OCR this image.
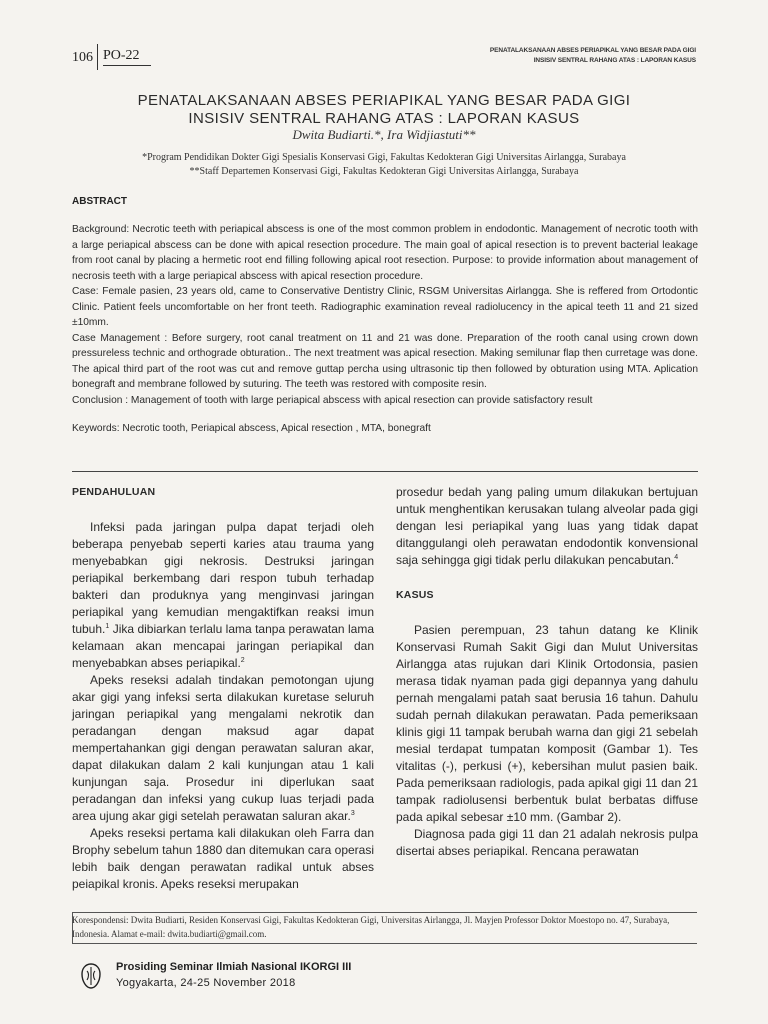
106 PO-22	PENATALAKSANAAN ABSES PERIAPIKAL YANG BESAR PADA GIGI
INSISIV SENTRAL RAHANG ATAS : LAPORAN KASUS
PENATALAKSANAAN ABSES PERIAPIKAL YANG BESAR PADA GIGI
INSISIV SENTRAL RAHANG ATAS : LAPORAN KASUS
Dwita Budiarti.*, Ira Widjiastuti**
*Program Pendidikan Dokter Gigi Spesialis Konservasi Gigi, Fakultas Kedokteran Gigi Universitas Airlangga, Surabaya
**Staff Departemen Konservasi Gigi, Fakultas Kedokteran Gigi Universitas Airlangga, Surabaya
ABSTRACT

Background: Necrotic teeth with periapical abscess is one of the most common problem in endodontic. Management of necrotic tooth with a large periapical abscess can be done with apical resection procedure. The main goal of apical resection is to prevent bacterial leakage from root canal by placing a hermetic root end filling following apical root resection. Purpose: to provide information about management of necrosis teeth with a large periapical abscess with apical resection procedure.

Case: Female pasien, 23 years old, came to Conservative Dentistry Clinic, RSGM Universitas Airlangga. She is reffered from Ortodontic Clinic. Patient feels uncomfortable on her front teeth. Radiographic examination reveal radiolucency in the apical teeth 11 and 21 sized ±10mm.

Case Management : Before surgery, root canal treatment on 11 and 21 was done. Preparation of the rooth canal using crown down pressureless technic and orthograde obturation.. The next treatment was apical resection. Making semilunar flap then curretage was done. The apical third part of the root was cut and remove guttap percha using ultrasonic tip then followed by obturation using MTA. Aplication bonegraft and membrane followed by suturing. The teeth was restored with composite resin.

Conclusion : Management of tooth with large periapical abscess with apical resection can provide satisfactory result

Keywords: Necrotic tooth, Periapical abscess, Apical resection , MTA, bonegraft

PENDAHULUAN

Infeksi pada jaringan pulpa dapat terjadi oleh beberapa penyebab seperti karies atau trauma yang menyebabkan gigi nekrosis. Destruksi jaringan periapikal berkembang dari respon tubuh terhadap bakteri dan produknya yang menginvasi jaringan periapikal yang kemudian mengaktifkan reaksi imun tubuh.$^1$ Jika dibiarkan terlalu lama tanpa perawatan lama kelamaan akan mencapai jaringan periapikal dan menyebabkan abses periapikal.$^2$

Apeks reseksi adalah tindakan pemotongan ujung akar gigi yang infeksi serta dilakukan kuretase seluruh jaringan periapikal yang mengalami nekrotik dan peradangan dengan maksud agar dapat mempertahankan gigi dengan perawatan saluran akar, dapat dilakukan dalam 2 kali kunjungan atau 1 kali kunjungan saja. Prosedur ini diperlukan saat peradangan dan infeksi yang cukup luas terjadi pada area ujung akar gigi setelah perawatan saluran akar.$^3$

Apeks reseksi pertama kali dilakukan oleh Farra dan Brophy sebelum tahun 1880 dan ditemukan cara operasi lebih baik dengan perawatan radikal untuk abses peiapikal kronis. Apeks reseksi merupakan

prosedur bedah yang paling umum dilakukan bertujuan untuk menghentikan kerusakan tulang alveolar pada gigi dengan lesi periapikal yang luas yang tidak dapat ditanggulangi oleh perawatan endodontik konvensional saja sehingga gigi tidak perlu dilakukan pencabutan.$^4$

KASUS

Pasien perempuan, 23 tahun datang ke Klinik Konservasi Rumah Sakit Gigi dan Mulut Universitas Airlangga atas rujukan dari Klinik Ortodonsia, pasien merasa tidak nyaman pada gigi depannya yang dahulu pernah mengalami patah saat berusia 16 tahun. Dahulu sudah pernah dilakukan perawatan. Pada pemeriksaan klinis gigi 11 tampak berubah warna dan gigi 21 sebelah mesial terdapat tumpatan komposit (Gambar 1). Tes vitalitas (-), perkusi (+), kebersihan mulut pasien baik. Pada pemeriksaan radiologis, pada apikal gigi 11 dan 21 tampak radiolusensi berbentuk bulat berbatas diffuse pada apikal sebesar ±10 mm. (Gambar 2).

Diagnosa pada gigi 11 dan 21 adalah nekrosis pulpa disertai abses periapikal. Rencana perawatan

Korespondensi: Dwita Budiarti, Residen Konservasi Gigi, Fakultas Kedokteran Gigi, Universitas Airlangga, Jl. Mayjen Professor Doktor Moestopo no. 47, Surabaya, Indonesia. Alamat e-mail: dwita.budiarti@gmail.com.
Prosiding Seminar Ilmiah Nasional IKORGI III
Yogyakarta, 24-25 November 2018
